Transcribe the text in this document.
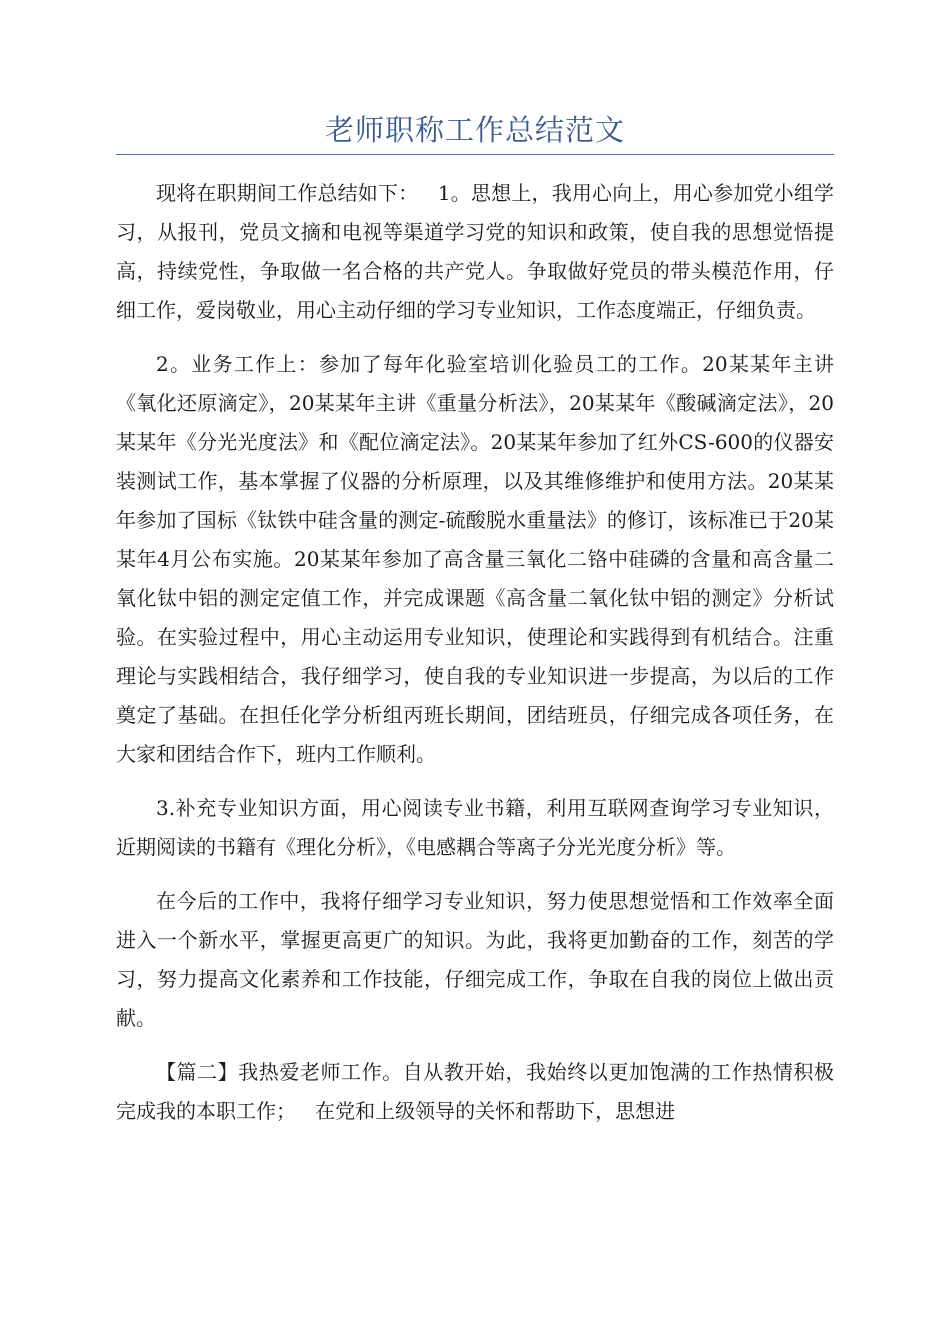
老师职称工作总结范文

现将在职期间工作总结如下：   1。思想上，我用心向上，用心参加党小组学习，从报刊，党员文摘和电视等渠道学习党的知识和政策，使自我的思想觉悟提高，持续党性，争取做一名合格的共产党人。争取做好党员的带头模范作用，仔细工作，爱岗敬业，用心主动仔细的学习专业知识，工作态度端正，仔细负责。

2。业务工作上：参加了每年化验室培训化验员工的工作。20某某年主讲《氧化还原滴定》，20某某年主讲《重量分析法》，20某某年《酸碱滴定法》，20某某年《分光光度法》和《配位滴定法》。20某某年参加了红外CS-600的仪器安装测试工作，基本掌握了仪器的分析原理，以及其维修维护和使用方法。20某某年参加了国标《钛铁中硅含量的测定-硫酸脱水重量法》的修订，该标准已于20某某年4月公布实施。20某某年参加了高含量三氧化二铬中硅磷的含量和高含量二氧化钛中铝的测定定值工作，并完成课题《高含量二氧化钛中铝的测定》分析试验。在实验过程中，用心主动运用专业知识，使理论和实践得到有机结合。注重理论与实践相结合，我仔细学习，使自我的专业知识进一步提高，为以后的工作奠定了基础。在担任化学分析组丙班长期间，团结班员，仔细完成各项任务，在大家和团结合作下，班内工作顺利。

3.补充专业知识方面，用心阅读专业书籍，利用互联网查询学习专业知识，近期阅读的书籍有《理化分析》，《电感耦合等离子分光光度分析》等。

在今后的工作中，我将仔细学习专业知识，努力使思想觉悟和工作效率全面进入一个新水平，掌握更高更广的知识。为此，我将更加勤奋的工作，刻苦的学习，努力提高文化素养和工作技能，仔细完成工作，争取在自我的岗位上做出贡献。

【篇二】我热爱老师工作。自从教开始，我始终以更加饱满的工作热情积极完成我的本职工作；   在党和上级领导的关怀和帮助下，思想进
